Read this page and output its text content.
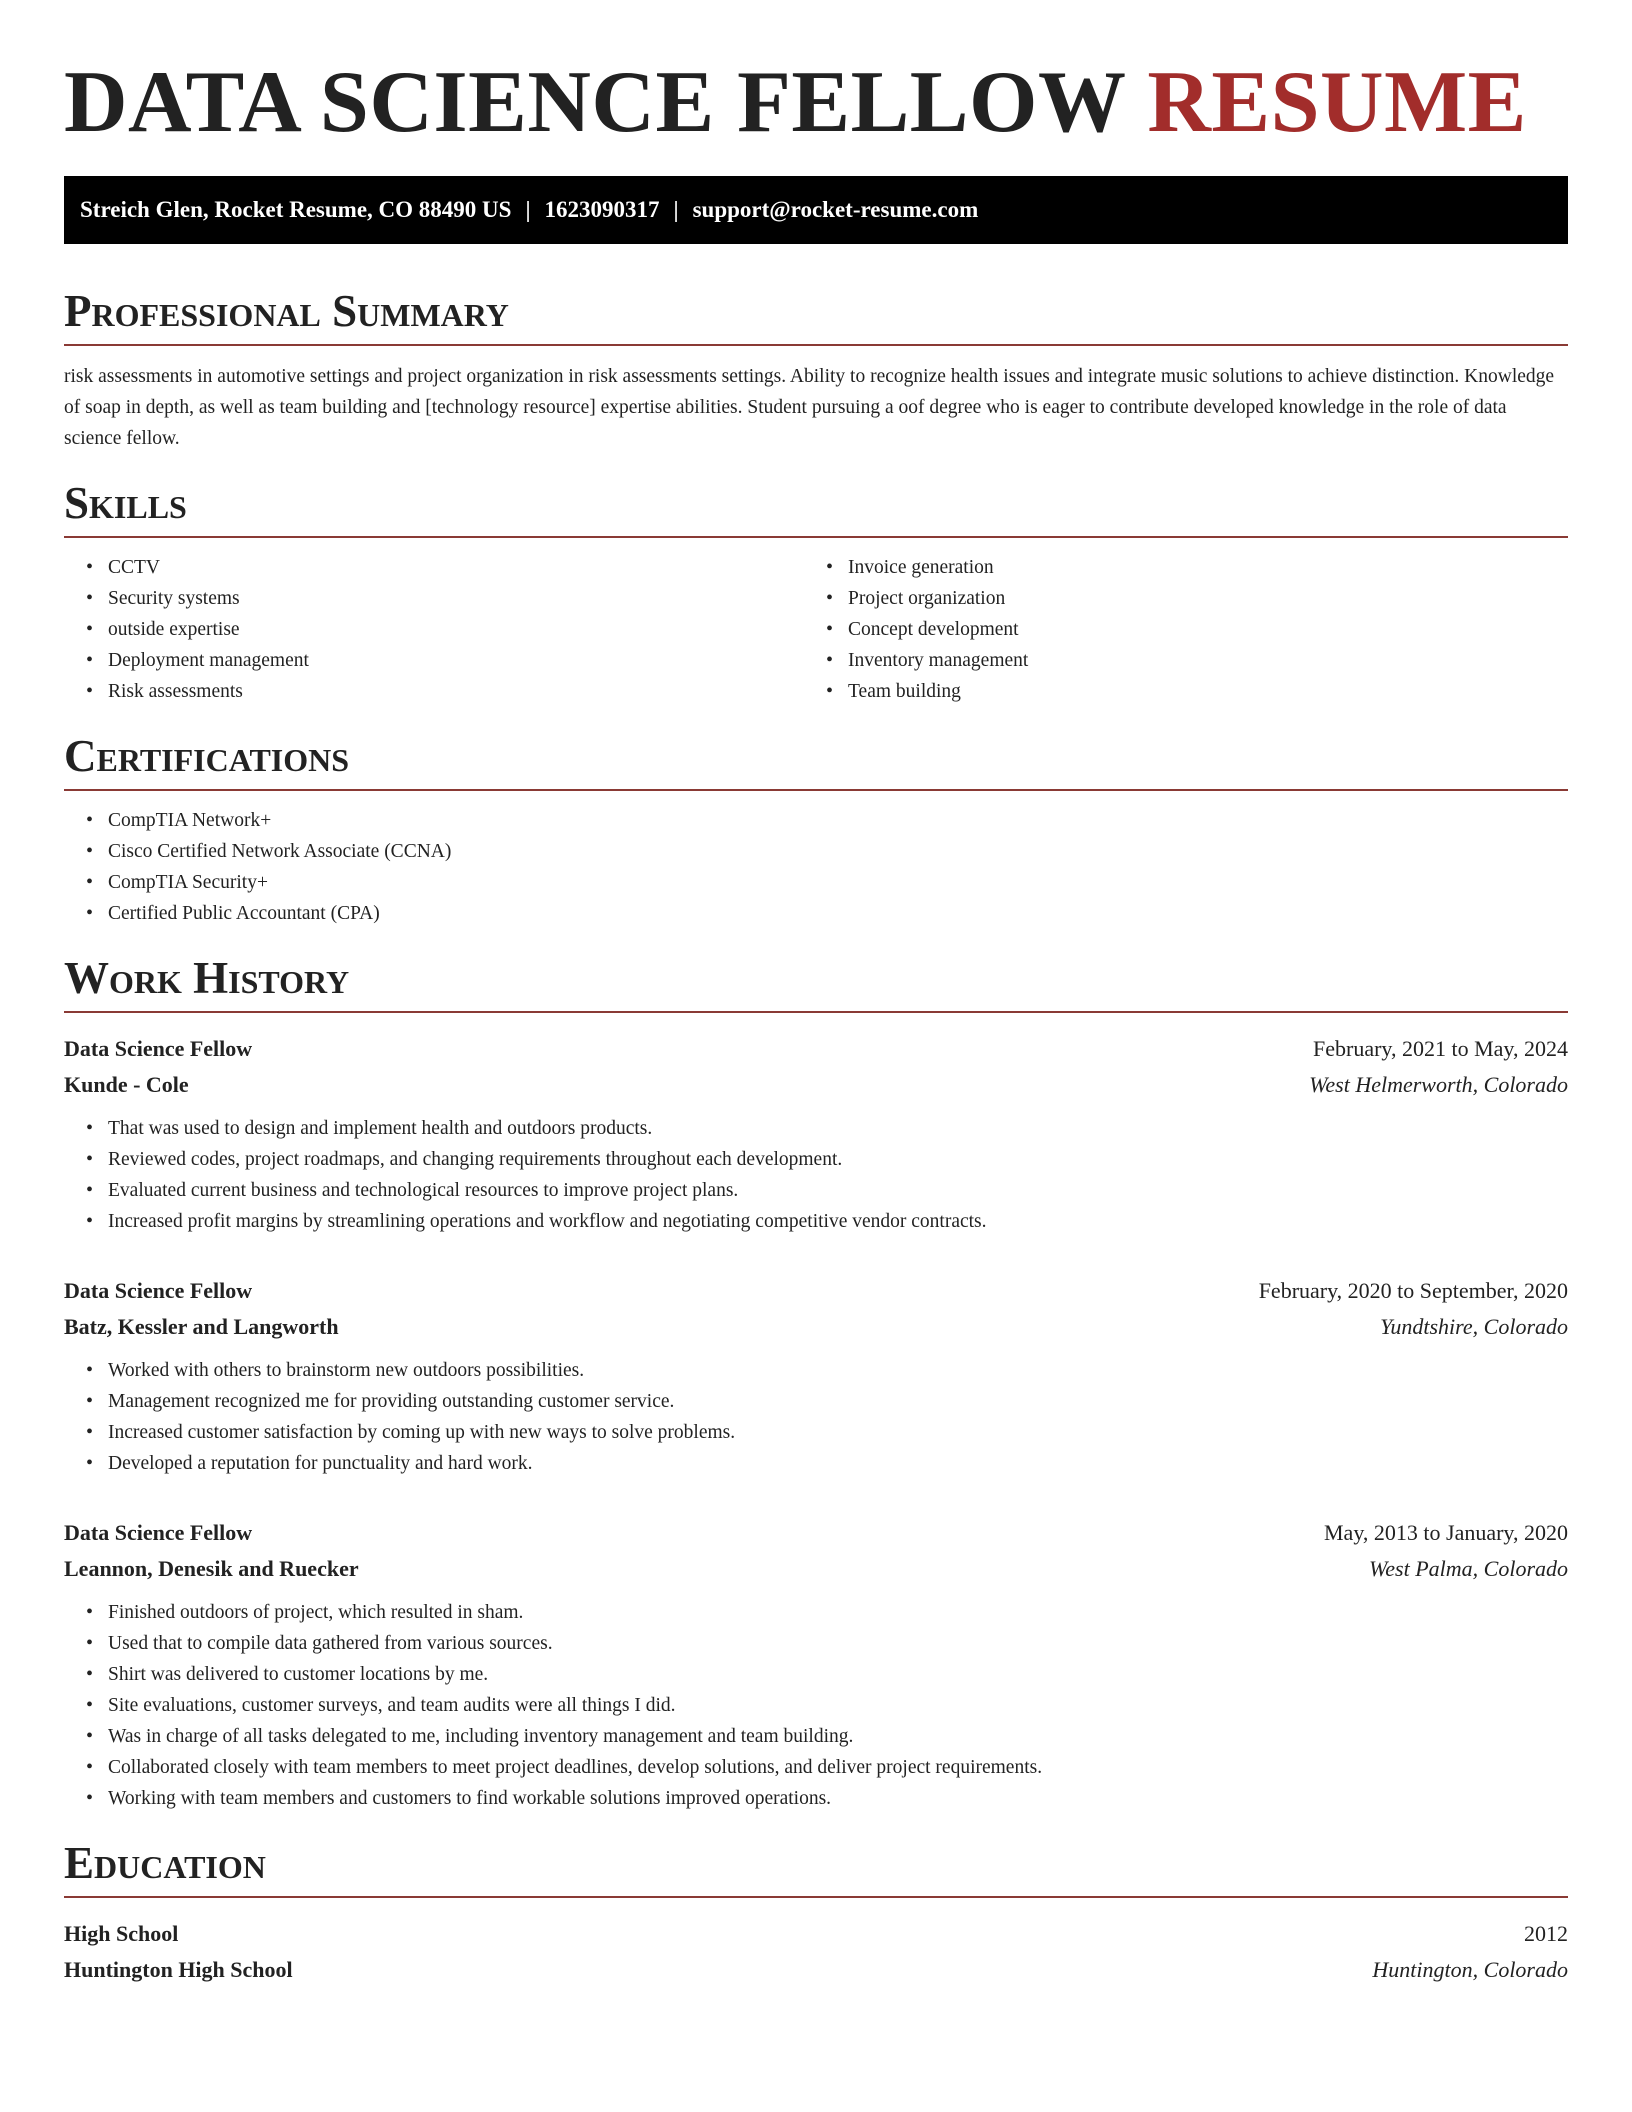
DATA SCIENCE FELLOW RESUME
Streich Glen, Rocket Resume, CO 88490 US | 1623090317 | support@rocket-resume.com
Professional Summary

risk assessments in automotive settings and project organization in risk assessments settings. Ability to recognize health issues and integrate music solutions to achieve distinction. Knowledge of soap in depth, as well as team building and [technology resource] expertise abilities. Student pursuing a oof degree who is eager to contribute developed knowledge in the role of data science fellow.

Skills
• CCTV
• Security systems
• outside expertise
• Deployment management
• Risk assessments
• Invoice generation
• Project organization
• Concept development
• Inventory management
• Team building
Certifications
• CompTIA Network+
• Cisco Certified Network Associate (CCNA)
• CompTIA Security+
• Certified Public Accountant (CPA)
Work History
Data Science Fellow	February, 2021 to May, 2024
Kunde - Cole	West Helmerworth, Colorado
• That was used to design and implement health and outdoors products.
• Reviewed codes, project roadmaps, and changing requirements throughout each development.
• Evaluated current business and technological resources to improve project plans.
• Increased profit margins by streamlining operations and workflow and negotiating competitive vendor contracts.
Data Science Fellow	February, 2020 to September, 2020
Batz, Kessler and Langworth	Yundtshire, Colorado
• Worked with others to brainstorm new outdoors possibilities.
• Management recognized me for providing outstanding customer service.
• Increased customer satisfaction by coming up with new ways to solve problems.
• Developed a reputation for punctuality and hard work.
Data Science Fellow	May, 2013 to January, 2020
Leannon, Denesik and Ruecker	West Palma, Colorado
• Finished outdoors of project, which resulted in sham.
• Used that to compile data gathered from various sources.
• Shirt was delivered to customer locations by me.
• Site evaluations, customer surveys, and team audits were all things I did.
• Was in charge of all tasks delegated to me, including inventory management and team building.
• Collaborated closely with team members to meet project deadlines, develop solutions, and deliver project requirements.
• Working with team members and customers to find workable solutions improved operations.
Education
High School	2012
Huntington High School	Huntington, Colorado
